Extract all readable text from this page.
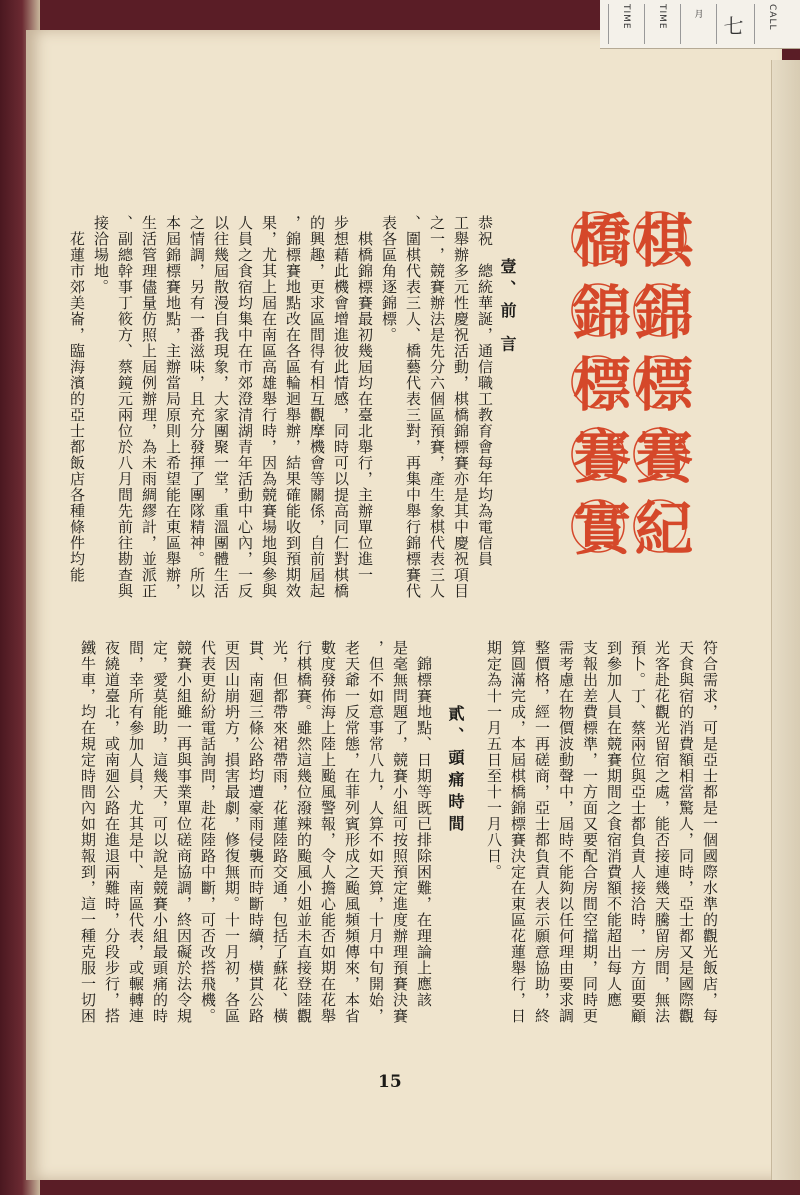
TIME	TIME	月	七	CALL
棋錦標賽紀
橋錦標賽實
壹、前 言
恭祝　總統華誕，通信職工教育會每年均為電信員
工舉辦多元性慶祝活動，棋橋錦標賽亦是其中慶祝項目
之一，競賽辦法是先分六個區預賽，產生象棋代表三人
、圍棋代表三人、橋藝代表三對，再集中舉行錦標賽代
表各區角逐錦標。
　棋橋錦標賽最初幾屆均在臺北舉行，主辦單位進一
步想藉此機會增進彼此情感，同時可以提高同仁對棋橋
的興趣，更求區間得有相互觀摩機會等關係，自前屆起
，錦標賽地點改在各區輪迴舉辦，結果確能收到預期效
果，尤其上屆在南區高雄舉行時，因為競賽場地與參與
人員之食宿均集中在市郊澄清湖青年活動中心內，一反
以往幾屆散漫自我現象，大家團聚一堂，重溫團體生活
之情調，另有一番滋味，且充分發揮了團隊精神。所以
本屆錦標賽地點，主辦當局原則上希望能在東區舉辦，
生活管理儘量仿照上屆例辦理，為未雨綢繆計，並派正
、副總幹事丁筱方、蔡鏡元兩位於八月間先前往勘查與
接洽場地。
　花蓮市郊美崙，臨海濱的亞士都飯店各種條件均能
符合需求，可是亞士都是一個國際水準的觀光飯店，每
天食與宿的消費額相當驚人，同時，亞士都又是國際觀
光客赴花觀光留宿之處，能否接連幾天騰留房間，無法
預卜。丁、蔡兩位與亞士都負責人接洽時，一方面要顧
到參加人員在競賽期間之食宿消費額不能超出每人應
支報出差費標準，一方面又要配合房間空擋期，同時更
需考慮在物價波動聲中，屆時不能夠以任何理由要求調
整價格，經一再磋商，亞士都負責人表示願意協助，終
算圓滿完成，本屆棋橋錦標賽決定在東區花蓮舉行，日
期定為十一月五日至十一月八日。
貳、頭痛時間
　錦標賽地點、日期等既已排除困難，在理論上應該
是毫無問題了，競賽小組可按照預定進度辦理預賽決賽
，但不如意事常八九，人算不如天算，十月中旬開始，
老天爺一反常態，在菲列賓形成之颱風頻頻傳來，本省
數度發佈海上陸上颱風警報，令人擔心能否如期在花舉
行棋橋賽。雖然這幾位潑辣的颱風小姐並未直接登陸觀
光，但都帶來裙帶雨，花蓮陸路交通，包括了蘇花、橫
貫、南廻三條公路均遭豪雨侵襲而時斷時續，橫貫公路
更因山崩坍方，損害最劇，修復無期。十一月初，各區
代表更紛紛電話詢問，赴花陸路中斷，可否改搭飛機。
競賽小組雖一再與事業單位磋商協調，終因礙於法令規
定，愛莫能助，這幾天，可以說是競賽小組最頭痛的時
間，幸所有參加人員，尤其是中、南區代表，或輾轉連
夜繞道臺北，或南廻公路在進退兩難時，分段步行，搭
鐵牛車，均在規定時間內如期報到，這一種克服一切困
15
